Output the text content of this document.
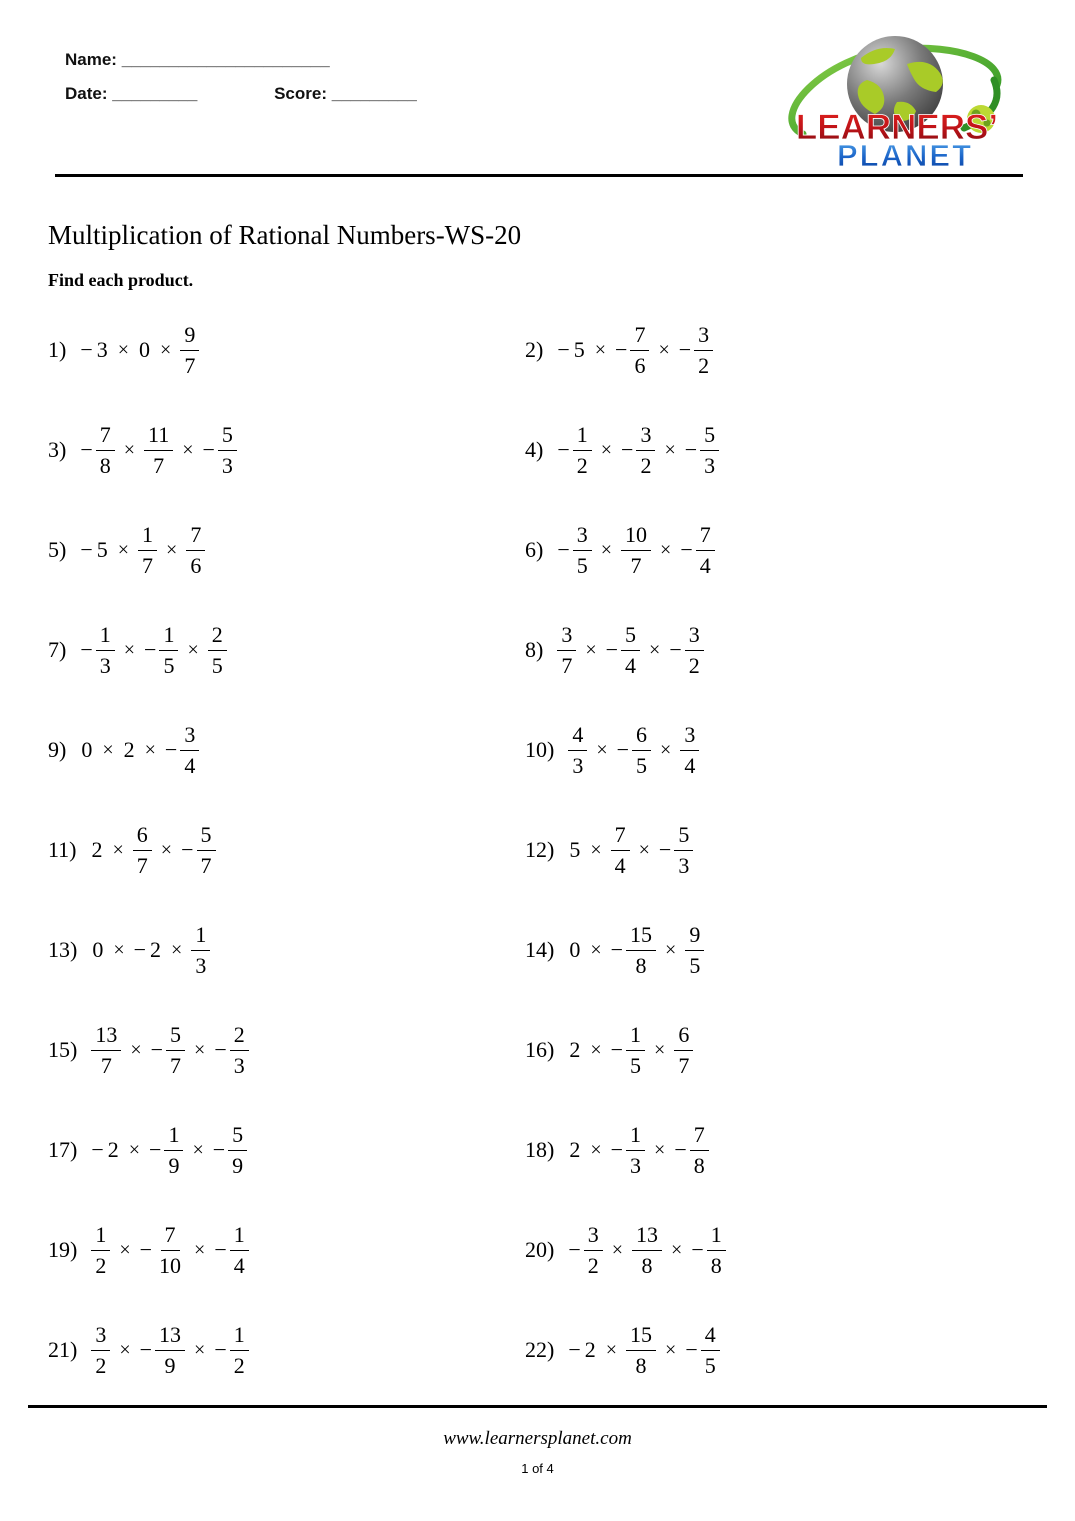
Name: ______________________
Date: _________	Score: _________
LEARNERS’
PLANET
Multiplication of Rational Numbers-WS-20
Find each product.
$1) - 3 \times 0 \times \frac{9}{7}$	2) − 5 × − $\frac{7}{6}$ × − $\frac{3}{2}$
$3) - \frac{7}{8} \times \frac{11}{7}$ × − $\frac{5}{3}$	$4) - \frac{1}{2}$ × − $\frac{3}{2}$ × − $\frac{5}{3}$
$5) - 5 \times \frac{1}{7} \times \frac{7}{6}$	$6) - \frac{3}{5} \times \frac{10}{7}$ × − $\frac{7}{4}$
$7) - \frac{1}{3}$ × − $\frac{1}{5} \times \frac{2}{5}$	$8) \frac{3}{7}$ × − $\frac{5}{4}$ × − $\frac{3}{2}$
9) 0 × 2 × − $\frac{3}{4}$	$10) \frac{4}{3}$ × − $\frac{6}{5} \times \frac{3}{4}$
11) $2 \times \frac{6}{7}$ × − $\frac{5}{7}$	12) $5 \times \frac{7}{4}$ × − $\frac{5}{3}$
13) 0 × − $2 \times \frac{1}{3}$	14) 0 × − $\frac{15}{8} \times \frac{9}{5}$
$15) \frac{13}{7}$ × − $\frac{5}{7}$ × − $\frac{2}{3}$	16) 2 × − $\frac{1}{5} \times \frac{6}{7}$
17) − 2 × − $\frac{1}{9}$ × − $\frac{5}{9}$	18) 2 × − $\frac{1}{3}$ × − $\frac{7}{8}$
$19) \frac{1}{2}$ × − $\frac{7}{10}$ × − $\frac{1}{4}$	$20) - \frac{3}{2} \times \frac{13}{8}$ × − $\frac{1}{8}$
$21) \frac{3}{2}$ × − $\frac{13}{9}$ × − $\frac{1}{2}$	$22) - 2 \times \frac{15}{8}$ × − $\frac{4}{5}$
www.learnersplanet.com
1 of 4
